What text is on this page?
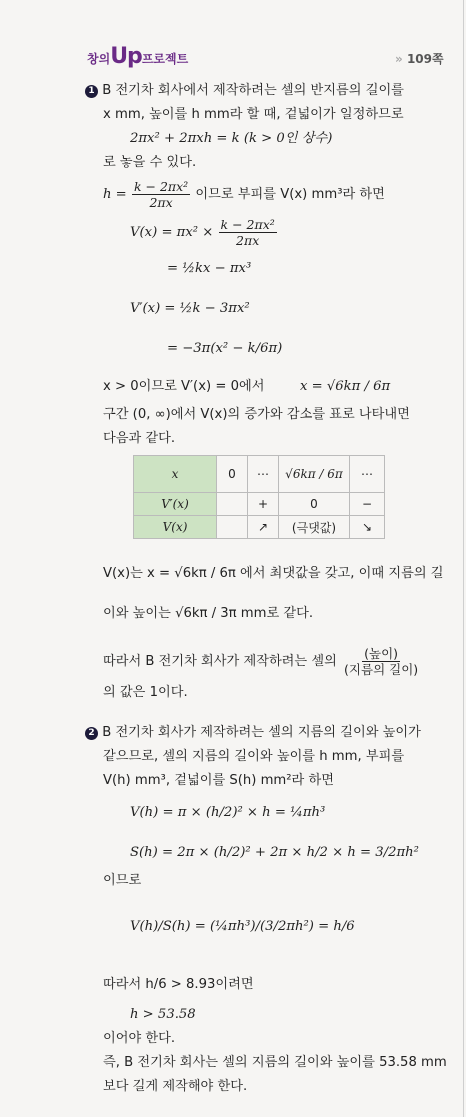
창의Up프로젝트	» 109쪽
1 B 전기차 회사에서 제작하려는 셀의 반지름의 길이를
x mm, 높이를 h mm라 할 때, 겉넓이가 일정하므로
2πx² + 2πxh = k (k > 0인 상수)
로 놓을 수 있다.
$h = \frac{\text{k − 2πx²}}{2\pi x}$ 이므로 부피를 V(x) mm³라 하면
$V(x) = \pi x^2 \times \frac{\text{k − 2πx²}}{2\pi x}$
= ½kx − πx³
V′(x) = ½k − 3πx²
= −3π(x² − k/6π)
x > 0이므로 V′(x) = 0에서	x = √6kπ / 6π
구간 (0, ∞)에서 V(x)의 증가와 감소를 표로 나타내면
다음과 같다.
x	0	⋯	√6kπ / 6π	⋯
V′(x)		+	0	−
V(x)		↗	(극댓값)	↘
V(x)는 x = √6kπ / 6π 에서 최댓값을 갖고, 이때 지름의 길
이와 높이는 √6kπ / 3π mm로 같다.
따라서 B 전기차 회사가 제작하려는 셀의
(높이)
(지름의 길이)
의 값은 1이다.
2 B 전기차 회사가 제작하려는 셀의 지름의 길이와 높이가
같으므로, 셀의 지름의 길이와 높이를 h mm, 부피를
V(h) mm³, 겉넓이를 S(h) mm²라 하면
V(h) = π × (h/2)² × h = ¼πh³
S(h) = 2π × (h/2)² + 2π × h/2 × h = 3/2πh²
이므로
V(h)/S(h) = (¼πh³)/(3/2πh²) = h/6
따라서 h/6 > 8.93이려면
h > 53.58
이어야 한다.
즉, B 전기차 회사는 셀의 지름의 길이와 높이를 53.58 mm
보다 길게 제작해야 한다.
